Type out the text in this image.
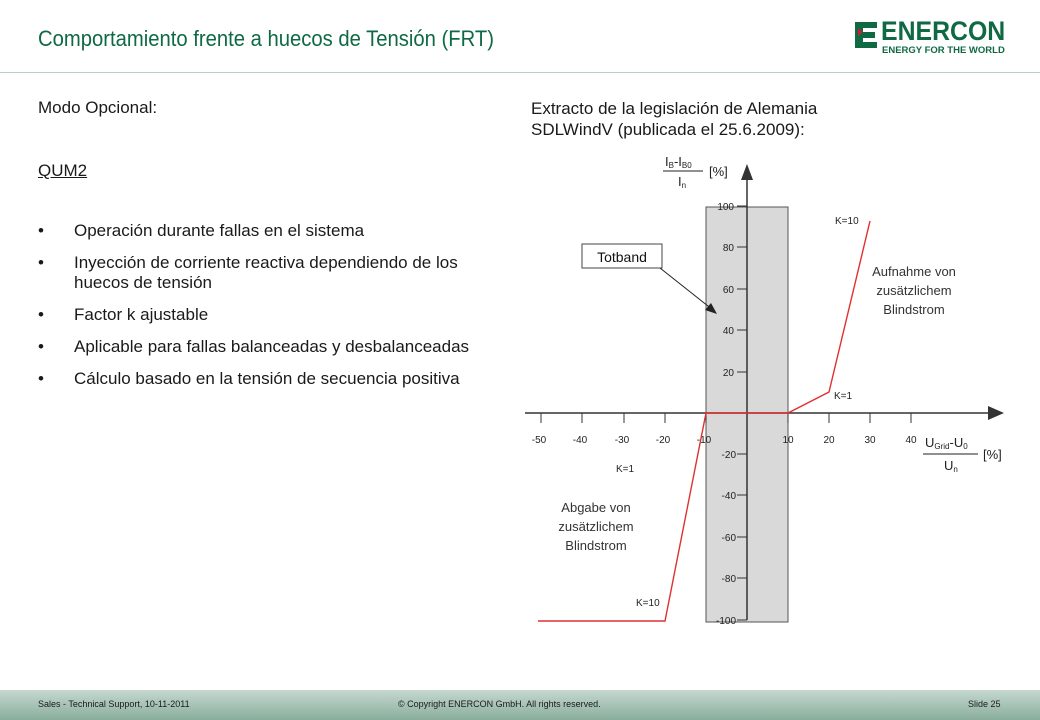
Comportamiento frente a huecos de Tensión (FRT)	ENERCON
ENERGY FOR THE WORLD
Modo Opcional:
QUM2
• Operación durante fallas en el sistema
• Inyección de corriente reactiva dependiendo de los huecos de tensión
• Factor k ajustable
• Aplicable para fallas balanceadas y desbalanceadas
• Cálculo basado en la tensión de secuencia positiva
Extracto de la legislación de Alemania
SDLWindV (publicada el 25.6.2009):
100
80
60
40
20
-20
-40
-60
-80
-100
-50	-40	-30	-20	-10	10	20	30	40
K=10
K=1
K=1
K=10
Totband
Aufnahme von
zusätzlichem
Blindstrom
Abgabe von
zusätzlichem
Blindstrom
IB-IB0
In
[%]
UGrid-U0
Un
[%]
Sales - Technical Support, 10-11-2011	© Copyright ENERCON GmbH. All rights reserved.	Slide 25
